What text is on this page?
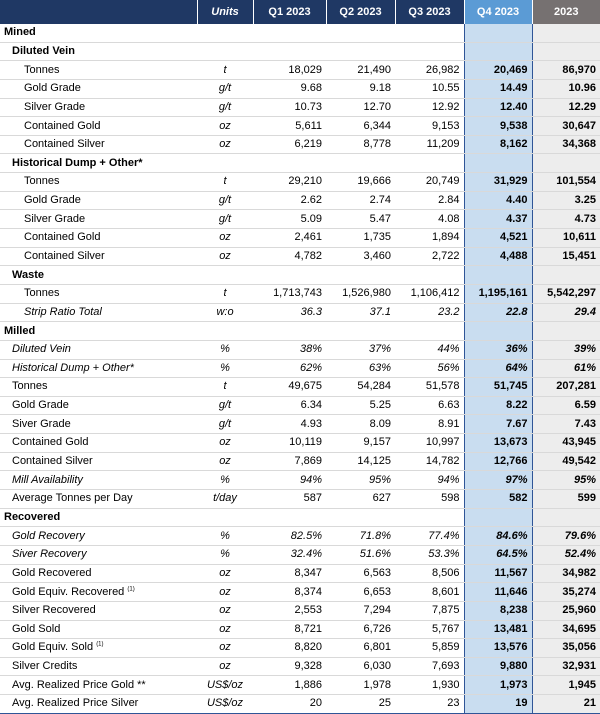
	Units	Q1 2023	Q2 2023	Q3 2023	Q4 2023	2023
Mined						
Diluted Vein						
Tonnes	t	18,029	21,490	26,982	20,469	86,970
Gold Grade	g/t	9.68	9.18	10.55	14.49	10.96
Silver Grade	g/t	10.73	12.70	12.92	12.40	12.29
Contained Gold	oz	5,611	6,344	9,153	9,538	30,647
Contained Silver	oz	6,219	8,778	11,209	8,162	34,368
Historical Dump + Other*						
Tonnes	t	29,210	19,666	20,749	31,929	101,554
Gold Grade	g/t	2.62	2.74	2.84	4.40	3.25
Silver Grade	g/t	5.09	5.47	4.08	4.37	4.73
Contained Gold	oz	2,461	1,735	1,894	4,521	10,611
Contained Silver	oz	4,782	3,460	2,722	4,488	15,451
Waste						
Tonnes	t	1,713,743	1,526,980	1,106,412	1,195,161	5,542,297
Strip Ratio Total	w:o	36.3	37.1	23.2	22.8	29.4
Milled						
Diluted Vein	%	38%	37%	44%	36%	39%
Historical Dump + Other*	%	62%	63%	56%	64%	61%
Tonnes	t	49,675	54,284	51,578	51,745	207,281
Gold Grade	g/t	6.34	5.25	6.63	8.22	6.59
Siver Grade	g/t	4.93	8.09	8.91	7.67	7.43
Contained Gold	oz	10,119	9,157	10,997	13,673	43,945
Contained Silver	oz	7,869	14,125	14,782	12,766	49,542
Mill Availability	%	94%	95%	94%	97%	95%
Average Tonnes per Day	t/day	587	627	598	582	599
Recovered						
Gold Recovery	%	82.5%	71.8%	77.4%	84.6%	79.6%
Siver Recovery	%	32.4%	51.6%	53.3%	64.5%	52.4%
Gold Recovered	oz	8,347	6,563	8,506	11,567	34,982
Gold Equiv. Recovered $^{(1)}$	oz	8,374	6,653	8,601	11,646	35,274
Silver Recovered	oz	2,553	7,294	7,875	8,238	25,960
Gold Sold	oz	8,721	6,726	5,767	13,481	34,695
Gold Equiv. Sold $^{(1)}$	oz	8,820	6,801	5,859	13,576	35,056
Silver Credits	oz	9,328	6,030	7,693	9,880	32,931
Avg. Realized Price Gold **	US$/oz	1,886	1,978	1,930	1,973	1,945
Avg. Realized Price Silver	US$/oz	20	25	23	19	21
